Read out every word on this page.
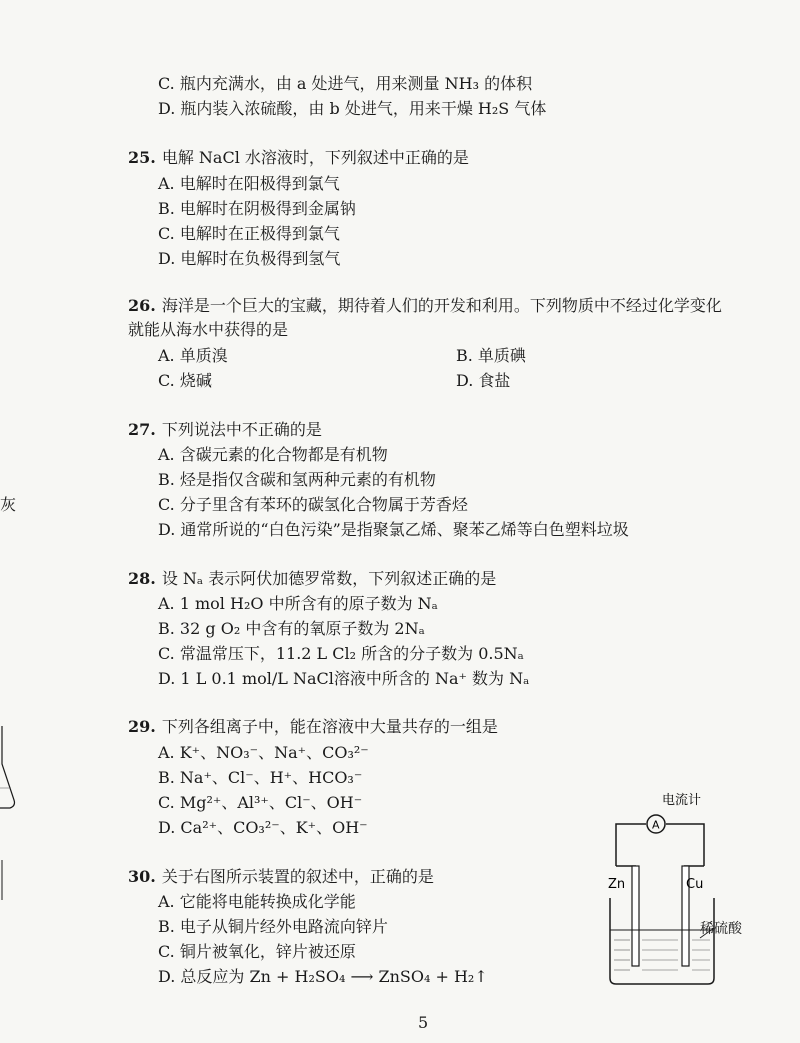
C. 瓶内充满水，由 a 处进气，用来测量 NH₃ 的体积
D. 瓶内装入浓硫酸，由 b 处进气，用来干燥 H₂S 气体
25. 电解 NaCl 水溶液时，下列叙述中正确的是
A. 电解时在阳极得到氯气
B. 电解时在阴极得到金属钠
C. 电解时在正极得到氯气
D. 电解时在负极得到氢气
26. 海洋是一个巨大的宝藏，期待着人们的开发和利用。下列物质中不经过化学变化
就能从海水中获得的是
A. 单质溴	B. 单质碘
C. 烧碱	D. 食盐
27. 下列说法中不正确的是
A. 含碳元素的化合物都是有机物
B. 烃是指仅含碳和氢两种元素的有机物
C. 分子里含有苯环的碳氢化合物属于芳香烃
D. 通常所说的“白色污染”是指聚氯乙烯、聚苯乙烯等白色塑料垃圾
28. 设 Nₐ 表示阿伏加德罗常数，下列叙述正确的是
A. 1 mol H₂O 中所含有的原子数为 Nₐ
B. 32 g O₂ 中含有的氧原子数为 2Nₐ
C. 常温常压下，11.2 L Cl₂ 所含的分子数为 0.5Nₐ
D. 1 L 0.1 mol/L NaCl溶液中所含的 Na⁺ 数为 Nₐ
29. 下列各组离子中，能在溶液中大量共存的一组是
A. K⁺、NO₃⁻、Na⁺、CO₃²⁻
B. Na⁺、Cl⁻、H⁺、HCO₃⁻
C. Mg²⁺、Al³⁺、Cl⁻、OH⁻
D. Ca²⁺、CO₃²⁻、K⁺、OH⁻
30. 关于右图所示装置的叙述中，正确的是
A. 它能将电能转换成化学能
B. 电子从铜片经外电路流向锌片
C. 铜片被氧化，锌片被还原
D. 总反应为 Zn + H₂SO₄ ⟶ ZnSO₄ + H₂↑
电流计
A
Zn	Cu
稀硫酸
灰
5
